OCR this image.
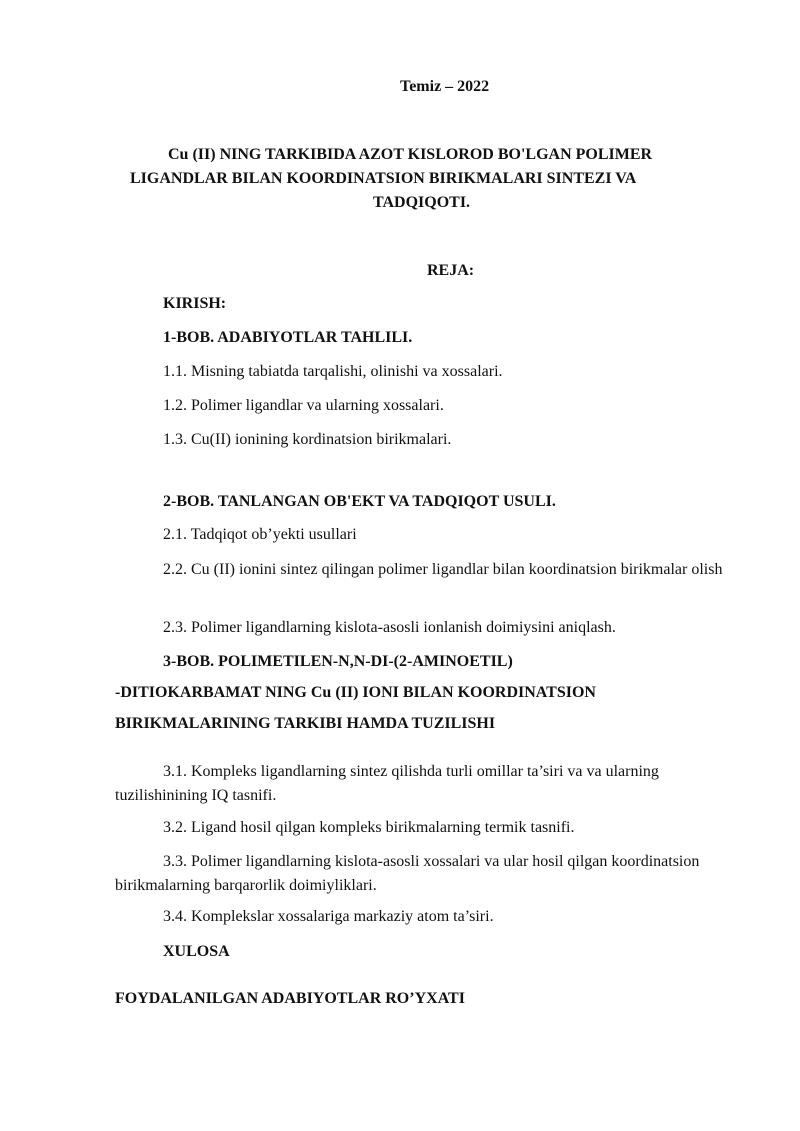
Temiz – 2022
Cu (II) NING TARKIBIDA AZOT KISLOROD BO'LGAN POLIMER
LIGANDLAR BILAN KOORDINATSION BIRIKMALARI SINTEZI VA
TADQIQOTI.
REJA:
KIRISH:
1-BOB. ADABIYOTLAR TAHLILI.
1.1. Misning tabiatda tarqalishi, olinishi va xossalari.
1.2. Polimer ligandlar va ularning xossalari.
1.3. Cu(II) ionining kordinatsion birikmalari.
2-BOB. TANLANGAN OB'EKT VA TADQIQOT USULI.
2.1. Tadqiqot ob’yekti usullari
2.2. Cu (II) ionini sintez qilingan polimer ligandlar bilan koordinatsion birikmalar olish
2.3. Polimer ligandlarning kislota-asosli ionlanish doimiysini aniqlash.
3-BOB. POLIMETILEN-N,N-DI-(2-AMINOETIL)
-DITIOKARBAMAT NING Cu (II) IONI BILAN KOORDINATSION
BIRIKMALARINING TARKIBI HAMDA TUZILISHI
3.1. Kompleks ligandlarning sintez qilishda turli omillar ta’siri va va ularning tuzilishinining IQ tasnifi.
3.2. Ligand hosil qilgan kompleks birikmalarning termik tasnifi.
3.3. Polimer ligandlarning kislota-asosli xossalari va ular hosil qilgan koordinatsion birikmalarning barqarorlik doimiyliklari.
3.4. Komplekslar xossalariga markaziy atom ta’siri.
XULOSA
FOYDALANILGAN ADABIYOTLAR RO’YXATI
